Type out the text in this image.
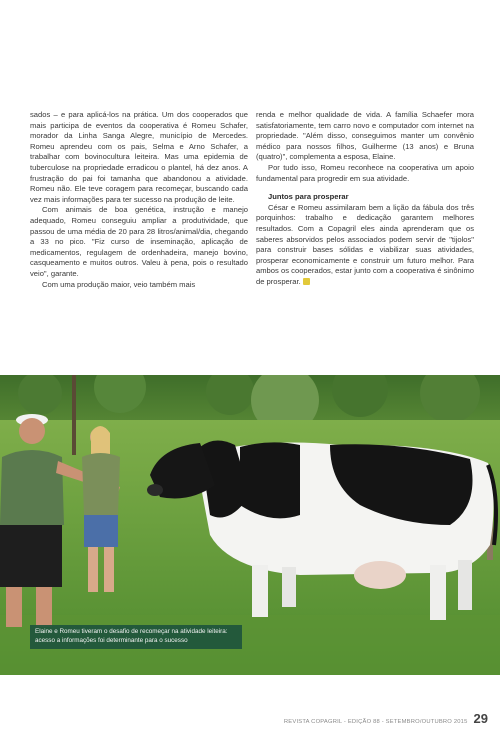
sados – e para aplicá-los na prática. Um dos cooperados que mais participa de eventos da cooperativa é Romeu Schafer, morador da Linha Sanga Alegre, município de Mercedes. Romeu aprendeu com os pais, Selma e Arno Schafer, a trabalhar com bovinocultura leiteira. Mas uma epidemia de tuberculose na propriedade erradicou o plantel, há dez anos. A frustração do pai foi tamanha que abandonou a atividade. Romeu não. Ele teve coragem para recomeçar, buscando cada vez mais informações para ter sucesso na produção de leite.

Com animais de boa genética, instrução e manejo adequado, Romeu conseguiu ampliar a produtividade, que passou de uma média de 20 para 28 litros/animal/dia, chegando a 33 no pico. "Fiz curso de inseminação, aplicação de medicamentos, regulagem de ordenhadeira, manejo bovino, casqueamento e muitos outros. Valeu à pena, pois o resultado veio", garante.

Com uma produção maior, veio também mais

renda e melhor qualidade de vida. A família Schaefer mora satisfatoriamente, tem carro novo e computador com internet na propriedade. "Além disso, conseguimos manter um convênio médico para nossos filhos, Guilherme (13 anos) e Bruna (quatro)", complementa a esposa, Elaine.

Por tudo isso, Romeu reconhece na cooperativa um apoio fundamental para progredir em sua atividade.

Juntos para prosperar

César e Romeu assimilaram bem a lição da fábula dos três porquinhos: trabalho e dedicação garantem melhores resultados. Com a Copagril eles ainda aprenderam que os saberes absorvidos pelos associados podem servir de "tijolos" para construir bases sólidas e viabilizar suas atividades, prosperar economicamente e construir um futuro melhor. Para ambos os cooperados, estar junto com a cooperativa é sinônimo de prosperar.

Elaine e Romeu tiveram o desafio de recomeçar na atividade leiteira: acesso a informações foi determinante para o sucesso
REVISTA COPAGRIL - EDIÇÃO 88 - SETEMBRO/OUTUBRO 2015 29
